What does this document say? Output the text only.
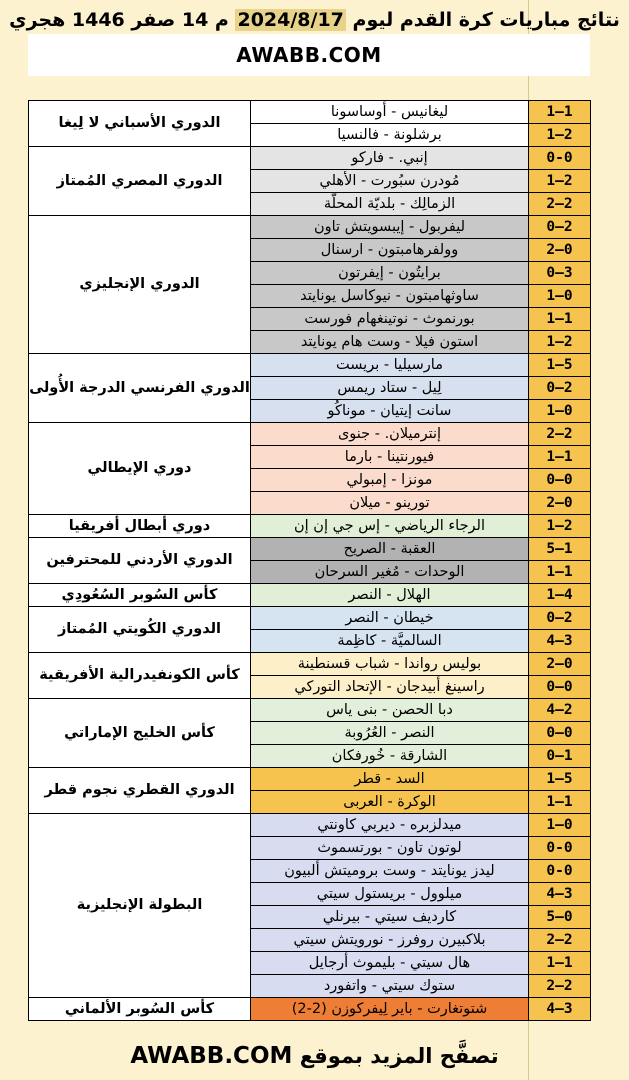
نتائج مباريات كرة القدم ليوم 2024/8/17 م 14 صفر 1446 هجري
AWABB.COM
الدوري الأسباني لا لِيغا	ليغانيس - أوساسونا	1–1
	برشلونة - فالنسيا	1–2
الدوري المصري المُمتاز	إنبي. - فاركو	0-0
	مُودرن سبُورت - الأهلي	1–2
	الزمالِك - بلديّة المحلّة	2–2
الدوري الإنجليزي	ليفربول - إيبسويتش تاون	0–2
	وولفرهامبتون - ارسنال	2–0
	برايتُون - إيفرتون	0–3
	ساوثهامبتون - نيوكاسل يونايتد	1–0
	بورنموث - نوتينغهام فورست	1–1
	استون فيلا - وست هام يونايتد	1–2
الدوري الفرنسي الدرجة الأُولى	مارسيليا - بريست	1–5
	لِيل - ستاد ريمس	0–2
	سانت إيتيان - موناكُو	1–0
دوري الإيطالي	إنترميلان. - جنوى	2–2
	فيورنتينا - بارما	1–1
	مونزا - إمبولي	0–0
	تورينو - ميلان	2–0
دوري أبطال أفريقيا	الرجاء الرياضي - إس جي إن إن	1–2
الدوري الأردني للمحترفين	العقبة - الصريح	5–1
	الوحدات - مُغير السرحان	1–1
كأس السُوبر السُعُودِي	الهلال - النصر	1–4
الدوري الكُويتي المُمتاز	خيطان - النصر	0–2
	السالميَّة - كاظِمة	4–3
كأس الكونفيدرالية الأفريقية	بوليس رواندا - شباب قسنطينة	2–0
	راسينغ أبيدجان - الإتحاد التوركي	0–0
كأس الخليج الإماراتي	دبا الحصن - بنى ياس	4–2
	النصر - العُرُوبة	0–0
	الشارقة - خُورفكان	0–1
الدوري القطري نجوم قطر	السد - قطر	1–5
	الوكرة - العربى	1–1
البطولة الإنجليزية	ميدلزبره - ديربي كاونتي	1–0
	لوتون تاون - بورتسموث	0-0
	ليدز يونايتد - وست بروميتش ألبيون	0-0
	ميلوول - بريستول سيتي	4–3
	كارديف سيتي - بيرنلي	5–0
	بلاكبيرن روفرز - نورويتش سيتي	2–2
	هال سيتي - بليموث أرجايل	1–1
	ستوك سيتي - واتفورد	2–2
كأس السُوبر الألماني	شتوتغارت - باير لِيفركوزن (2-2)	4–3
تصفَّح المزيد بموقع AWABB.COM
